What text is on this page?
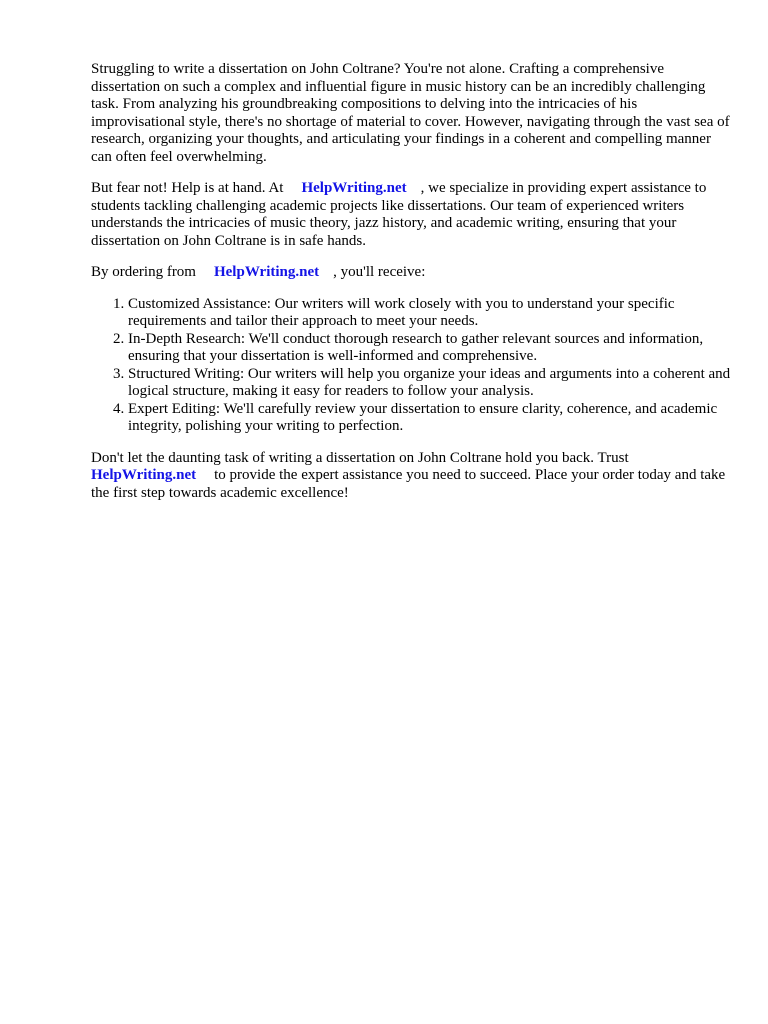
Struggling to write a dissertation on John Coltrane? You're not alone. Crafting a comprehensive dissertation on such a complex and influential figure in music history can be an incredibly challenging task. From analyzing his groundbreaking compositions to delving into the intricacies of his improvisational style, there's no shortage of material to cover. However, navigating through the vast sea of research, organizing your thoughts, and articulating your findings in a coherent and compelling manner can often feel overwhelming.

But fear not! Help is at hand. At HelpWriting.net , we specialize in providing expert assistance to students tackling challenging academic projects like dissertations. Our team of experienced writers understands the intricacies of music theory, jazz history, and academic writing, ensuring that your dissertation on John Coltrane is in safe hands.

By ordering from HelpWriting.net , you'll receive:

1. Customized Assistance: Our writers will work closely with you to understand your specific requirements and tailor their approach to meet your needs.
2. In-Depth Research: We'll conduct thorough research to gather relevant sources and information, ensuring that your dissertation is well-informed and comprehensive.
3. Structured Writing: Our writers will help you organize your ideas and arguments into a coherent and logical structure, making it easy for readers to follow your analysis.
4. Expert Editing: We'll carefully review your dissertation to ensure clarity, coherence, and academic integrity, polishing your writing to perfection.

Don't let the daunting task of writing a dissertation on John Coltrane hold you back. Trust HelpWriting.net to provide the expert assistance you need to succeed. Place your order today and take the first step towards academic excellence!
